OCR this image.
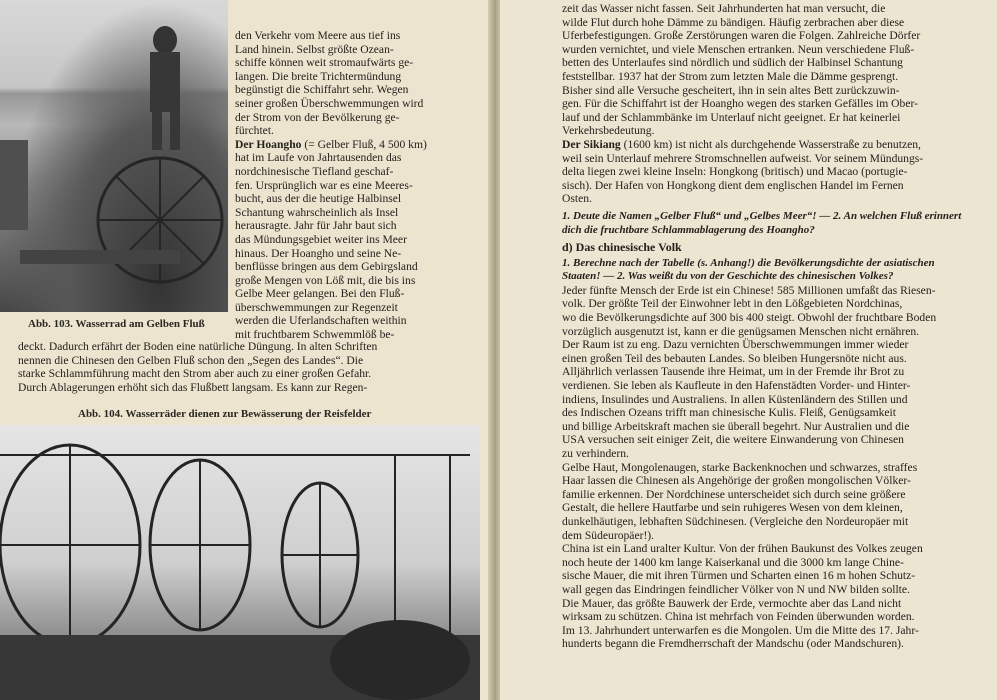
Abb. 103. Wasserrad am Gelben Fluß
den Verkehr vom Meere aus tief ins
Land hinein. Selbst größte Ozean-
schiffe können weit stromaufwärts ge-
langen. Die breite Trichtermündung
begünstigt die Schiffahrt sehr. Wegen
seiner großen Überschwemmungen wird
der Strom von der Bevölkerung ge-
fürchtet.
Der Hoangho (= Gelber Fluß, 4 500 km)
hat im Laufe von Jahrtausenden das
nordchinesische Tiefland geschaf-
fen. Ursprünglich war es eine Meeres-
bucht, aus der die heutige Halbinsel
Schantung wahrscheinlich als Insel
herausragte. Jahr für Jahr baut sich
das Mündungsgebiet weiter ins Meer
hinaus. Der Hoangho und seine Ne-
benflüsse bringen aus dem Gebirgsland
große Mengen von Löß mit, die bis ins
Gelbe Meer gelangen. Bei den Fluß-
überschwemmungen zur Regenzeit
werden die Uferlandschaften weithin
mit fruchtbarem Schwemmlöß be-
deckt. Dadurch erfährt der Boden eine natürliche Düngung. In alten Schriften
nennen die Chinesen den Gelben Fluß schon den „Segen des Landes“. Die
starke Schlammführung macht den Strom aber auch zu einer großen Gefahr.
Durch Ablagerungen erhöht sich das Flußbett langsam. Es kann zur Regen-
Abb. 104. Wasserräder dienen zur Bewässerung der Reisfelder
zeit das Wasser nicht fassen. Seit Jahrhunderten hat man versucht, die
wilde Flut durch hohe Dämme zu bändigen. Häufig zerbrachen aber diese
Uferbefestigungen. Große Zerstörungen waren die Folgen. Zahlreiche Dörfer
wurden vernichtet, und viele Menschen ertranken. Neun verschiedene Fluß-
betten des Unterlaufes sind nördlich und südlich der Halbinsel Schantung
feststellbar. 1937 hat der Strom zum letzten Male die Dämme gesprengt.
Bisher sind alle Versuche gescheitert, ihn in sein altes Bett zurückzuwin-
gen. Für die Schiffahrt ist der Hoangho wegen des starken Gefälles im Ober-
lauf und der Schlammbänke im Unterlauf nicht geeignet. Er hat keinerlei
Verkehrsbedeutung.
Der Sikiang (1600 km) ist nicht als durchgehende Wasserstraße zu benutzen,
weil sein Unterlauf mehrere Stromschnellen aufweist. Vor seinem Mündungs-
delta liegen zwei kleine Inseln: Hongkong (britisch) und Macao (portugie-
sisch). Der Hafen von Hongkong dient dem englischen Handel im Fernen
Osten.
1. Deute die Namen „Gelber Fluß“ und „Gelbes Meer“! — 2. An welchen Fluß erinnert
dich die fruchtbare Schlammablagerung des Hoangho?
d) Das chinesische Volk
1. Berechne nach der Tabelle (s. Anhang!) die Bevölkerungsdichte der asiatischen
Staaten! — 2. Was weißt du von der Geschichte des chinesischen Volkes?
Jeder fünfte Mensch der Erde ist ein Chinese! 585 Millionen umfaßt das Riesen-
volk. Der größte Teil der Einwohner lebt in den Lößgebieten Nordchinas,
wo die Bevölkerungsdichte auf 300 bis 400 steigt. Obwohl der fruchtbare Boden
vorzüglich ausgenutzt ist, kann er die genügsamen Menschen nicht ernähren.
Der Raum ist zu eng. Dazu vernichten Überschwemmungen immer wieder
einen großen Teil des bebauten Landes. So bleiben Hungersnöte nicht aus.
Alljährlich verlassen Tausende ihre Heimat, um in der Fremde ihr Brot zu
verdienen. Sie leben als Kaufleute in den Hafenstädten Vorder- und Hinter-
indiens, Insulindes und Australiens. In allen Küstenländern des Stillen und
des Indischen Ozeans trifft man chinesische Kulis. Fleiß, Genügsamkeit
und billige Arbeitskraft machen sie überall begehrt. Nur Australien und die
USA versuchen seit einiger Zeit, die weitere Einwanderung von Chinesen
zu verhindern.
Gelbe Haut, Mongolenaugen, starke Backenknochen und schwarzes, straffes
Haar lassen die Chinesen als Angehörige der großen mongolischen Völker-
familie erkennen. Der Nordchinese unterscheidet sich durch seine größere
Gestalt, die hellere Hautfarbe und sein ruhigeres Wesen von dem kleinen,
dunkelhäutigen, lebhaften Südchinesen. (Vergleiche den Nordeuropäer mit
dem Südeuropäer!).
China ist ein Land uralter Kultur. Von der frühen Baukunst des Volkes zeugen
noch heute der 1400 km lange Kaiserkanal und die 3000 km lange Chine-
sische Mauer, die mit ihren Türmen und Scharten einen 16 m hohen Schutz-
wall gegen das Eindringen feindlicher Völker von N und NW bilden sollte.
Die Mauer, das größte Bauwerk der Erde, vermochte aber das Land nicht
wirksam zu schützen. China ist mehrfach von Feinden überwunden worden.
Im 13. Jahrhundert unterwarfen es die Mongolen. Um die Mitte des 17. Jahr-
hunderts begann die Fremdherrschaft der Mandschu (oder Mandschuren).
